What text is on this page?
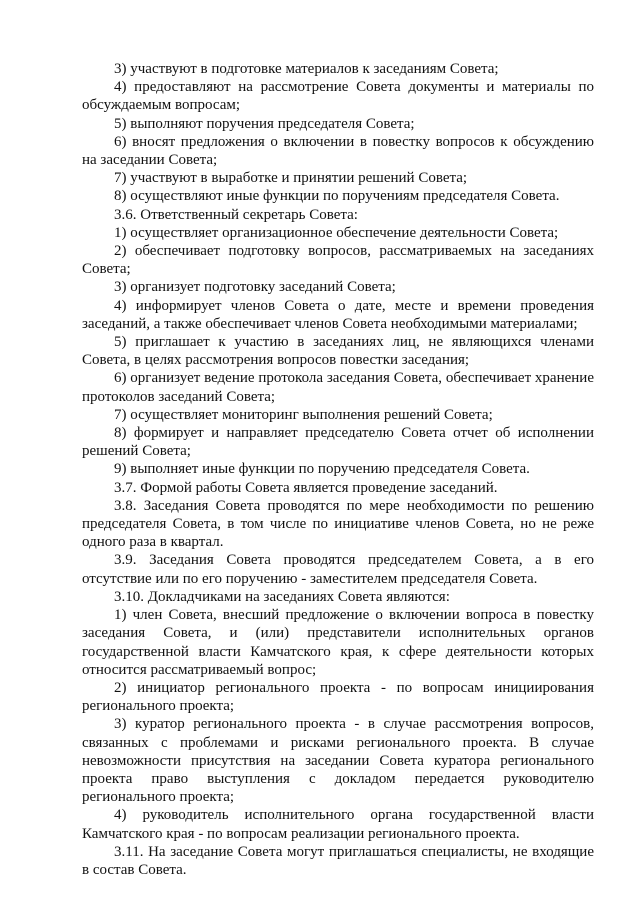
3) участвуют в подготовке материалов к заседаниям Совета;

4) предоставляют на рассмотрение Совета документы и материалы по обсуждаемым вопросам;

5) выполняют поручения председателя Совета;

6) вносят предложения о включении в повестку вопросов к обсуждению на заседании Совета;

7) участвуют в выработке и принятии решений Совета;

8) осуществляют иные функции по поручениям председателя Совета.

3.6. Ответственный секретарь Совета:

1) осуществляет организационное обеспечение деятельности Совета;

2) обеспечивает подготовку вопросов, рассматриваемых на заседаниях Совета;

3) организует подготовку заседаний Совета;

4) информирует членов Совета о дате, месте и времени проведения заседаний, а также обеспечивает членов Совета необходимыми материалами;

5) приглашает к участию в заседаниях лиц, не являющихся членами Совета, в целях рассмотрения вопросов повестки заседания;

6) организует ведение протокола заседания Совета, обеспечивает хранение протоколов заседаний Совета;

7) осуществляет мониторинг выполнения решений Совета;

8) формирует и направляет председателю Совета отчет об исполнении решений Совета;

9) выполняет иные функции по поручению председателя Совета.

3.7. Формой работы Совета является проведение заседаний.

3.8. Заседания Совета проводятся по мере необходимости по решению председателя Совета, в том числе по инициативе членов Совета, но не реже одного раза в квартал.

3.9. Заседания Совета проводятся председателем Совета, а в его отсутствие или по его поручению - заместителем председателя Совета.

3.10. Докладчиками на заседаниях Совета являются:

1) член Совета, внесший предложение о включении вопроса в повестку заседания Совета, и (или) представители исполнительных органов государственной власти Камчатского края, к сфере деятельности которых относится рассматриваемый вопрос;

2) инициатор регионального проекта - по вопросам инициирования регионального проекта;

3) куратор регионального проекта - в случае рассмотрения вопросов, связанных с проблемами и рисками регионального проекта. В случае невозможности присутствия на заседании Совета куратора регионального проекта право выступления с докладом передается руководителю регионального проекта;

4) руководитель исполнительного органа государственной власти Камчатского края - по вопросам реализации регионального проекта.

3.11. На заседание Совета могут приглашаться специалисты, не входящие в состав Совета.
